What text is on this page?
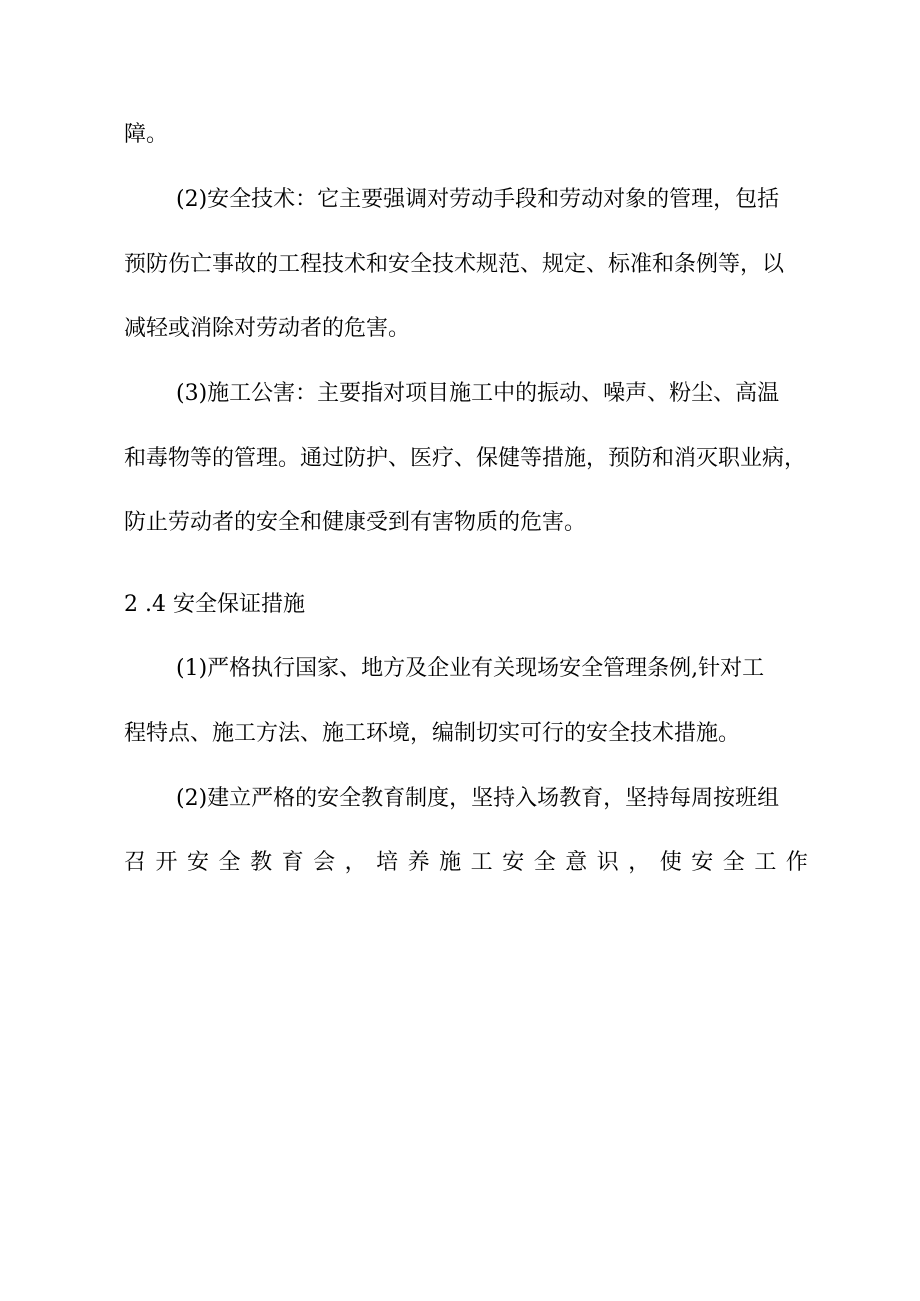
障。
(2)安全技术：它主要强调对劳动手段和劳动对象的管理，包括
预防伤亡事故的工程技术和安全技术规范、规定、标准和条例等，以
减轻或消除对劳动者的危害。
(3)施工公害：主要指对项目施工中的振动、噪声、粉尘、高温
和毒物等的管理。通过防护、医疗、保健等措施，预防和消灭职业病，
防止劳动者的安全和健康受到有害物质的危害。
2 .4 安全保证措施
(1)严格执行国家、地方及企业有关现场安全管理条例,针对工
程特点、施工方法、施工环境，编制切实可行的安全技术措施。
(2)建立严格的安全教育制度，坚持入场教育，坚持每周按班组
召 开 安 全 教 育 会 ， 培 养 施 工 安 全 意 识 ， 使 安 全 工 作
